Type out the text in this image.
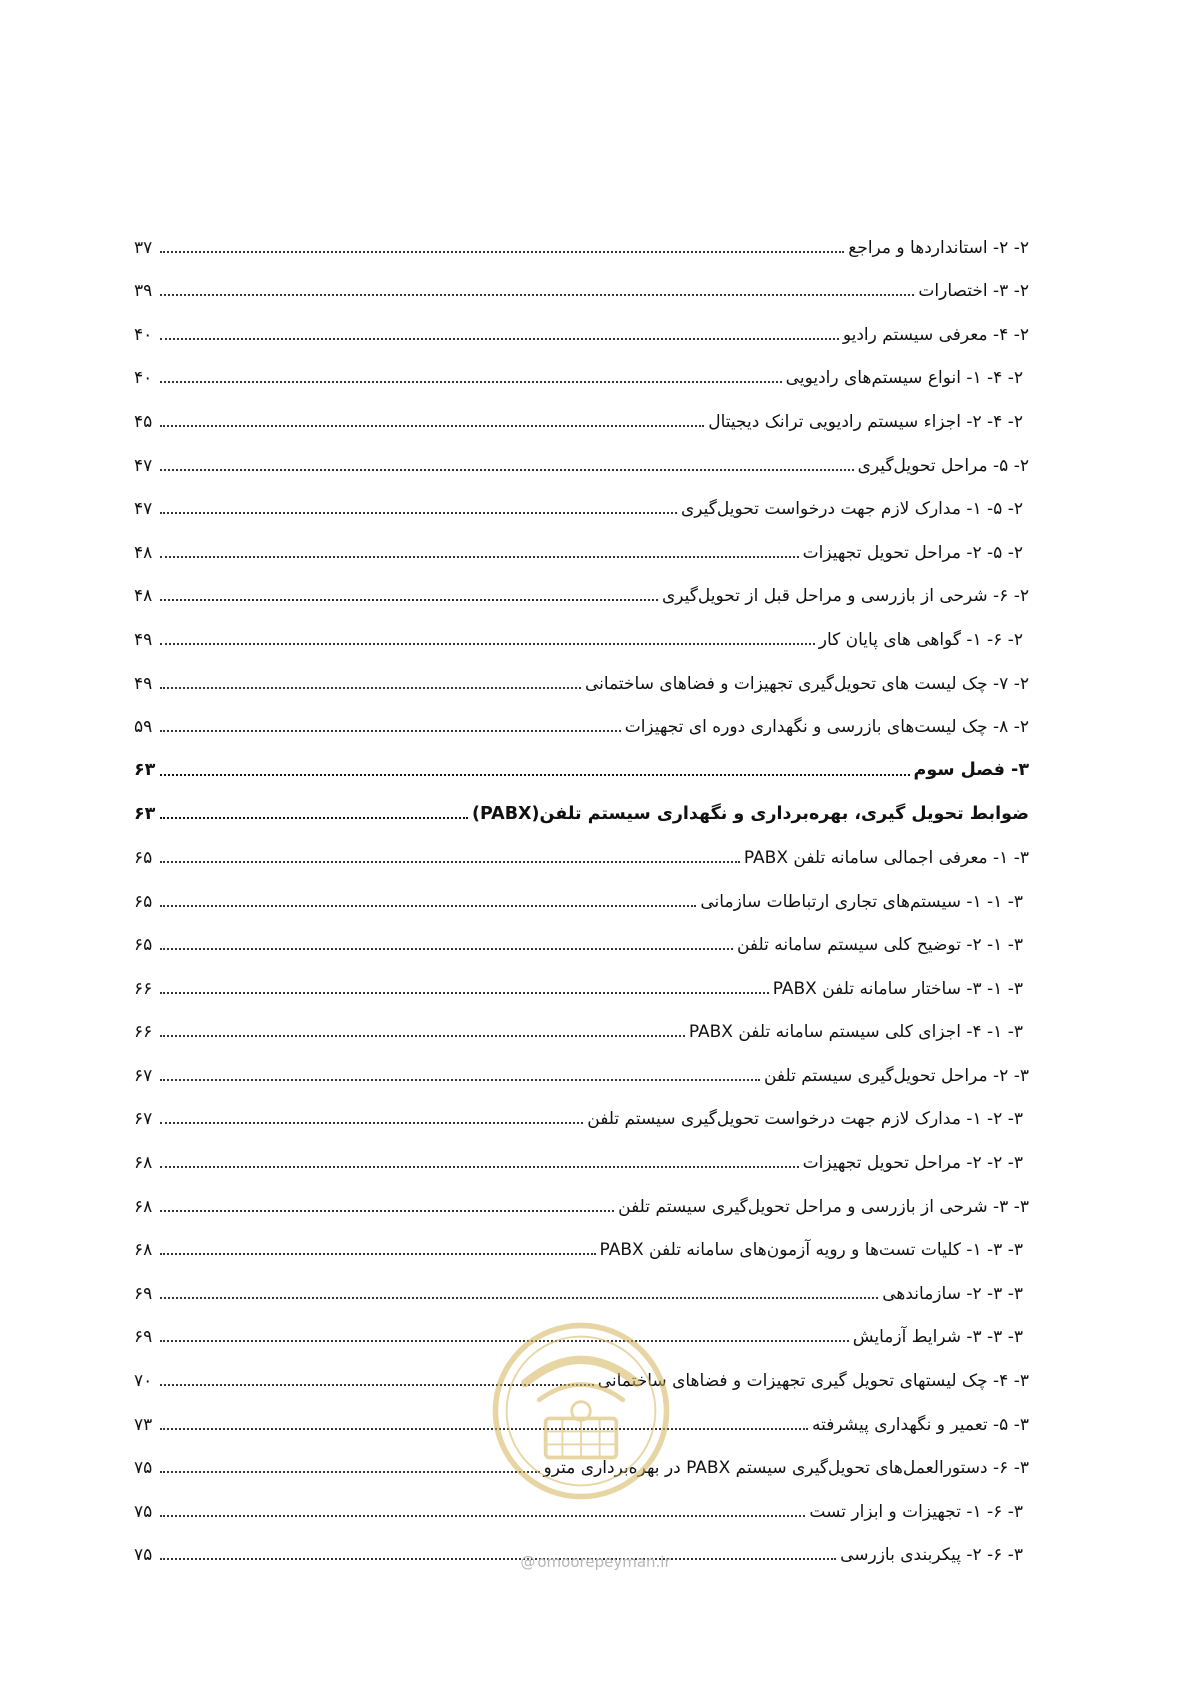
۲- ۲- استانداردها و مراجع
۳۷
۲- ۳- اختصارات
۳۹
۲- ۴- معرفی سیستم رادیو
۴۰
۲- ۴- ۱- انواع سیستم‌های رادیویی
۴۰
۲- ۴- ۲- اجزاء سیستم رادیویی ترانک دیجیتال
۴۵
۲- ۵- مراحل تحویل‌گیری
۴۷
۲- ۵- ۱- مدارک لازم جهت درخواست تحویل‌گیری
۴۷
۲- ۵- ۲- مراحل تحویل تجهیزات
۴۸
۲- ۶- شرحی از بازرسی و مراحل قبل از تحویل‌گیری
۴۸
۲- ۶- ۱- گواهی های پایان کار
۴۹
۲- ۷- چک لیست های تحویل‌گیری تجهیزات و فضاهای ساختمانی
۴۹
۲- ۸- چک لیست‌های بازرسی و نگهداری دوره ای تجهیزات
۵۹
۳- فصل سوم
۶۳
ضوابط تحویل گیری، بهره‌برداری و نگهداری سیستم تلفن(PABX)
۶۳
۳- ۱- معرفی اجمالی سامانه تلفن PABX
۶۵
۳- ۱- ۱- سیستم‌های تجاری ارتباطات سازمانی
۶۵
۳- ۱- ۲- توضیح کلی سیستم سامانه تلفن
۶۵
۳- ۱- ۳- ساختار سامانه تلفن PABX
۶۶
۳- ۱- ۴- اجزای کلی سیستم سامانه تلفن PABX
۶۶
۳- ۲- مراحل تحویل‌گیری سیستم تلفن
۶۷
۳- ۲- ۱- مدارک لازم جهت درخواست تحویل‌گیری سیستم تلفن
۶۷
۳- ۲- ۲- مراحل تحویل تجهیزات
۶۸
۳- ۳- شرحی از بازرسی و مراحل تحویل‌گیری سیستم تلفن
۶۸
۳- ۳- ۱- کلیات تست‌ها و رویه آزمون‌های سامانه تلفن PABX
۶۸
۳- ۳- ۲- سازماندهی
۶۹
۳- ۳- ۳- شرایط آزمایش
۶۹
۳- ۴- چک لیستهای تحویل گیری تجهیزات و فضاهای ساختمانی
۷۰
۳- ۵- تعمیر و نگهداری پیشرفته
۷۳
۳- ۶- دستورالعمل‌های تحویل‌گیری سیستم PABX در بهره‌برداری مترو
۷۵
۳- ۶- ۱- تجهیزات و ابزار تست
۷۵
۳- ۶- ۲- پیکربندی بازرسی
۷۵	@ omoorepeyman.ir
